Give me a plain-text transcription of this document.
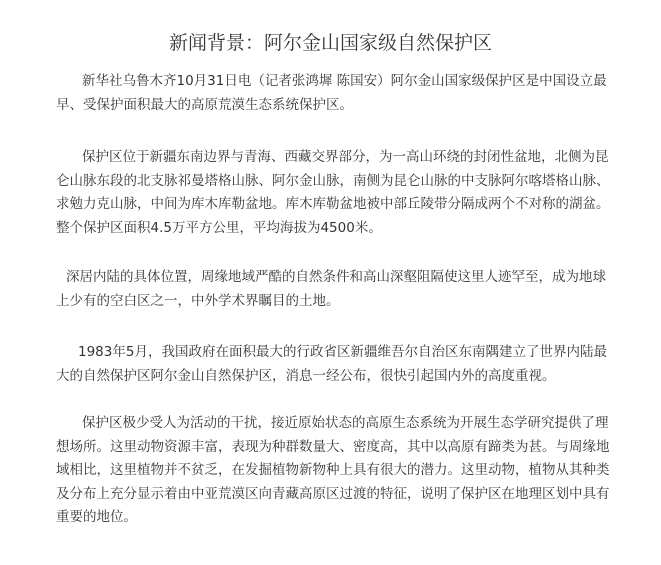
新闻背景：阿尔金山国家级自然保护区

新华社乌鲁木齐10月31日电（记者张鸿墀 陈国安）阿尔金山国家级保护区是中国设立最早、受保护面积最大的高原荒漠生态系统保护区。

保护区位于新疆东南边界与青海、西藏交界部分，为一高山环绕的封闭性盆地，北侧为昆仑山脉东段的北支脉祁曼塔格山脉、阿尔金山脉，南侧为昆仑山脉的中支脉阿尔喀塔格山脉、求勉力克山脉，中间为库木库勒盆地。库木库勒盆地被中部丘陵带分隔成两个不对称的湖盆。整个保护区面积4.5万平方公里，平均海拔为4500米。

深居内陆的具体位置，周缘地域严酷的自然条件和高山深壑阻隔使这里人迹罕至，成为地球上少有的空白区之一，中外学术界瞩目的土地。

1983年5月，我国政府在面积最大的行政省区新疆维吾尔自治区东南隅建立了世界内陆最大的自然保护区阿尔金山自然保护区，消息一经公布，很快引起国内外的高度重视。

保护区极少受人为活动的干扰，接近原始状态的高原生态系统为开展生态学研究提供了理想场所。这里动物资源丰富，表现为种群数量大、密度高，其中以高原有蹄类为甚。与周缘地域相比，这里植物并不贫乏，在发掘植物新物种上具有很大的潜力。这里动物，植物从其种类及分布上充分显示着由中亚荒漠区向青藏高原区过渡的特征，说明了保护区在地理区划中具有重要的地位。
